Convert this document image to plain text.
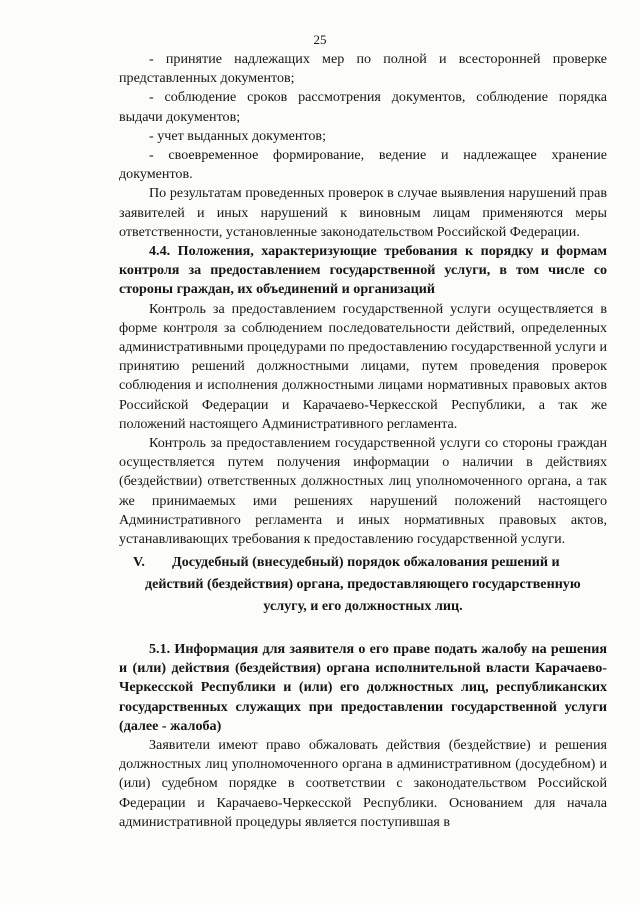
25

- принятие надлежащих мер по полной и всесторонней проверке представленных документов;

- соблюдение сроков рассмотрения документов, соблюдение порядка выдачи документов;

- учет выданных документов;

- своевременное формирование, ведение и надлежащее хранение документов.

По результатам проведенных проверок в случае выявления нарушений прав заявителей и иных нарушений к виновным лицам применяются меры ответственности, установленные законодательством Российской Федерации.

4.4. Положения, характеризующие требования к порядку и формам контроля за предоставлением государственной услуги, в том числе со стороны граждан, их объединений и организаций

Контроль за предоставлением государственной услуги осуществляется в форме контроля за соблюдением последовательности действий, определенных административными процедурами по предоставлению государственной услуги и принятию решений должностными лицами, путем проведения проверок соблюдения и исполнения должностными лицами нормативных правовых актов Российской Федерации и Карачаево-Черкесской Республики, а так же положений настоящего Административного регламента.

Контроль за предоставлением государственной услуги со стороны граждан осуществляется путем получения информации о наличии в действиях (бездействии) ответственных должностных лиц уполномоченного органа, а так же принимаемых ими решениях нарушений положений настоящего Административного регламента и иных нормативных правовых актов, устанавливающих требования к предоставлению государственной услуги.

V. Досудебный (внесудебный) порядок обжалования решений и
действий (бездействия) органа, предоставляющего государственную
услугу, и его должностных лиц.

5.1. Информация для заявителя о его праве подать жалобу на решения и (или) действия (бездействия) органа исполнительной власти Карачаево-Черкесской Республики и (или) его должностных лиц, республиканских государственных служащих при предоставлении государственной услуги (далее - жалоба)

Заявители имеют право обжаловать действия (бездействие) и решения должностных лиц уполномоченного органа в административном (досудебном) и (или) судебном порядке в соответствии с законодательством Российской Федерации и Карачаево-Черкесской Республики. Основанием для начала административной процедуры является поступившая в
